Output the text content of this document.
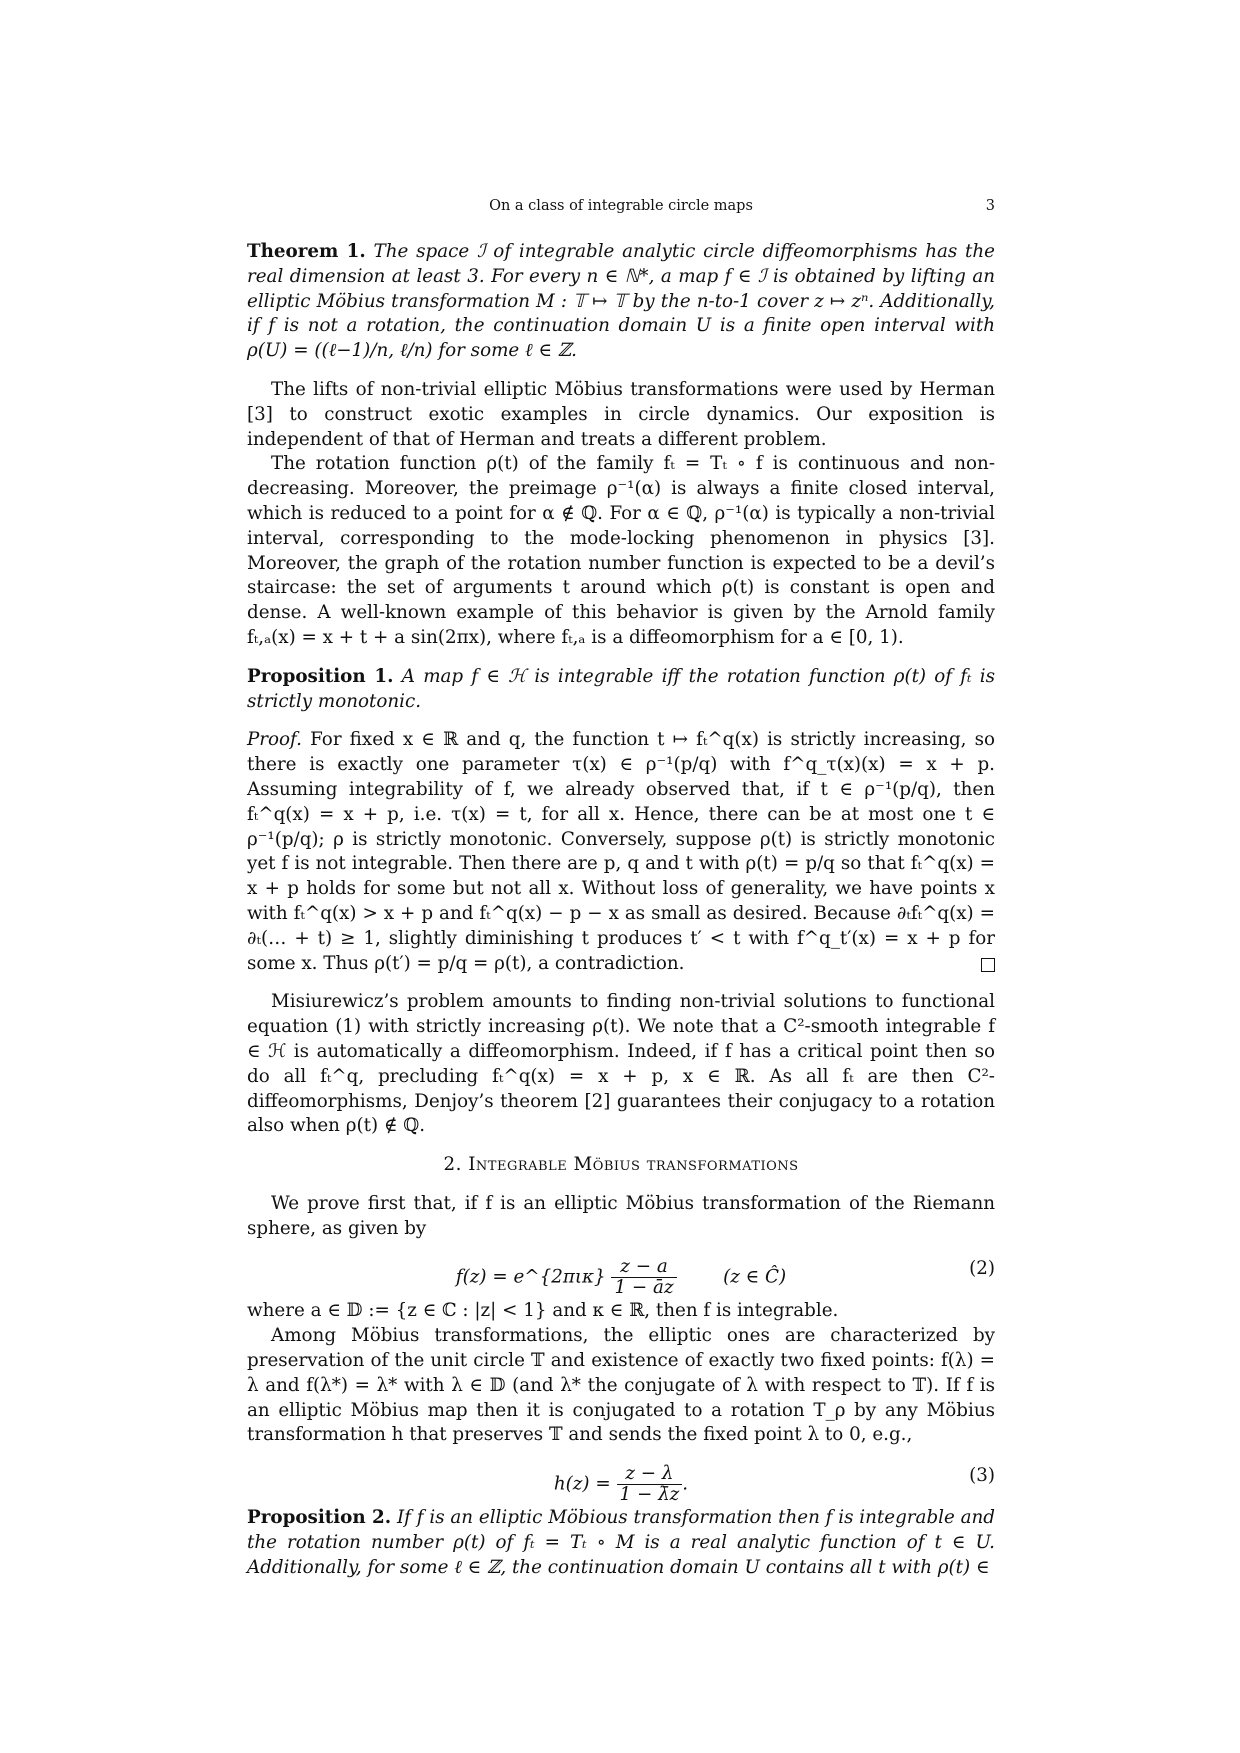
On a class of integrable circle maps	3
Theorem 1. The space ℐ of integrable analytic circle diffeomorphisms has the real dimension at least 3. For every n ∈ ℕ*, a map f ∈ ℐ is obtained by lifting an elliptic Möbius transformation M : 𝕋 ↦ 𝕋 by the n-to-1 cover z ↦ zⁿ. Additionally, if f is not a rotation, the continuation domain U is a finite open interval with ρ(U) = ((ℓ−1)/n, ℓ/n) for some ℓ ∈ ℤ.
The lifts of non-trivial elliptic Möbius transformations were used by Herman [3] to construct exotic examples in circle dynamics. Our exposition is independent of that of Herman and treats a different problem.
The rotation function ρ(t) of the family fₜ = Tₜ ∘ f is continuous and non-decreasing. Moreover, the preimage ρ⁻¹(α) is always a finite closed interval, which is reduced to a point for α ∉ ℚ. For α ∈ ℚ, ρ⁻¹(α) is typically a non-trivial interval, corresponding to the mode-locking phenomenon in physics [3]. Moreover, the graph of the rotation number function is expected to be a devil’s staircase: the set of arguments t around which ρ(t) is constant is open and dense. A well-known example of this behavior is given by the Arnold family fₜ,ₐ(x) = x + t + a sin(2πx), where fₜ,ₐ is a diffeomorphism for a ∈ [0, 1).
Proposition 1. A map f ∈ ℋ is integrable iff the rotation function ρ(t) of fₜ is strictly monotonic.
Proof. For fixed x ∈ ℝ and q, the function t ↦ fₜ^q(x) is strictly increasing, so there is exactly one parameter τ(x) ∈ ρ⁻¹(p/q) with f^q_τ(x)(x) = x + p. Assuming integrability of f, we already observed that, if t ∈ ρ⁻¹(p/q), then fₜ^q(x) = x + p, i.e. τ(x) = t, for all x. Hence, there can be at most one t ∈ ρ⁻¹(p/q); ρ is strictly monotonic. Conversely, suppose ρ(t) is strictly monotonic yet f is not integrable. Then there are p, q and t with ρ(t) = p/q so that fₜ^q(x) = x + p holds for some but not all x. Without loss of generality, we have points x with fₜ^q(x) > x + p and fₜ^q(x) − p − x as small as desired. Because ∂ₜfₜ^q(x) = ∂ₜ(… + t) ≥ 1, slightly diminishing t produces t′ < t with f^q_t′(x) = x + p for some x. Thus ρ(t′) = p/q = ρ(t), a contradiction.
Misiurewicz’s problem amounts to finding non-trivial solutions to functional equation (1) with strictly increasing ρ(t). We note that a C²-smooth integrable f ∈ ℋ is automatically a diffeomorphism. Indeed, if f has a critical point then so do all fₜ^q, precluding fₜ^q(x) = x + p, x ∈ ℝ. As all fₜ are then C²-diffeomorphisms, Denjoy’s theorem [2] guarantees their conjugacy to a rotation also when ρ(t) ∉ ℚ.
2. Integrable Möbius transformations
We prove first that, if f is an elliptic Möbius transformation of the Riemann sphere, as given by
f(z) = e^{2πικ} $\frac{z - a}{1 - āz}$	(z ∈ Ĉ)	(2)
where a ∈ 𝔻 := {z ∈ ℂ : |z| < 1} and κ ∈ ℝ, then f is integrable.
Among Möbius transformations, the elliptic ones are characterized by preservation of the unit circle 𝕋 and existence of exactly two fixed points: f(λ) = λ and f(λ*) = λ* with λ ∈ 𝔻 (and λ* the conjugate of λ with respect to 𝕋). If f is an elliptic Möbius map then it is conjugated to a rotation T_ρ by any Möbius transformation h that preserves 𝕋 and sends the fixed point λ to 0, e.g.,
$h(z) = \frac{z - \lambda}{1 - \lambdāz}$ .	(3)
Proposition 2. If f is an elliptic Möbious transformation then f is integrable and the rotation number ρ(t) of fₜ = Tₜ ∘ M is a real analytic function of t ∈ U. Additionally, for some ℓ ∈ ℤ, the continuation domain U contains all t with ρ(t) ∈
